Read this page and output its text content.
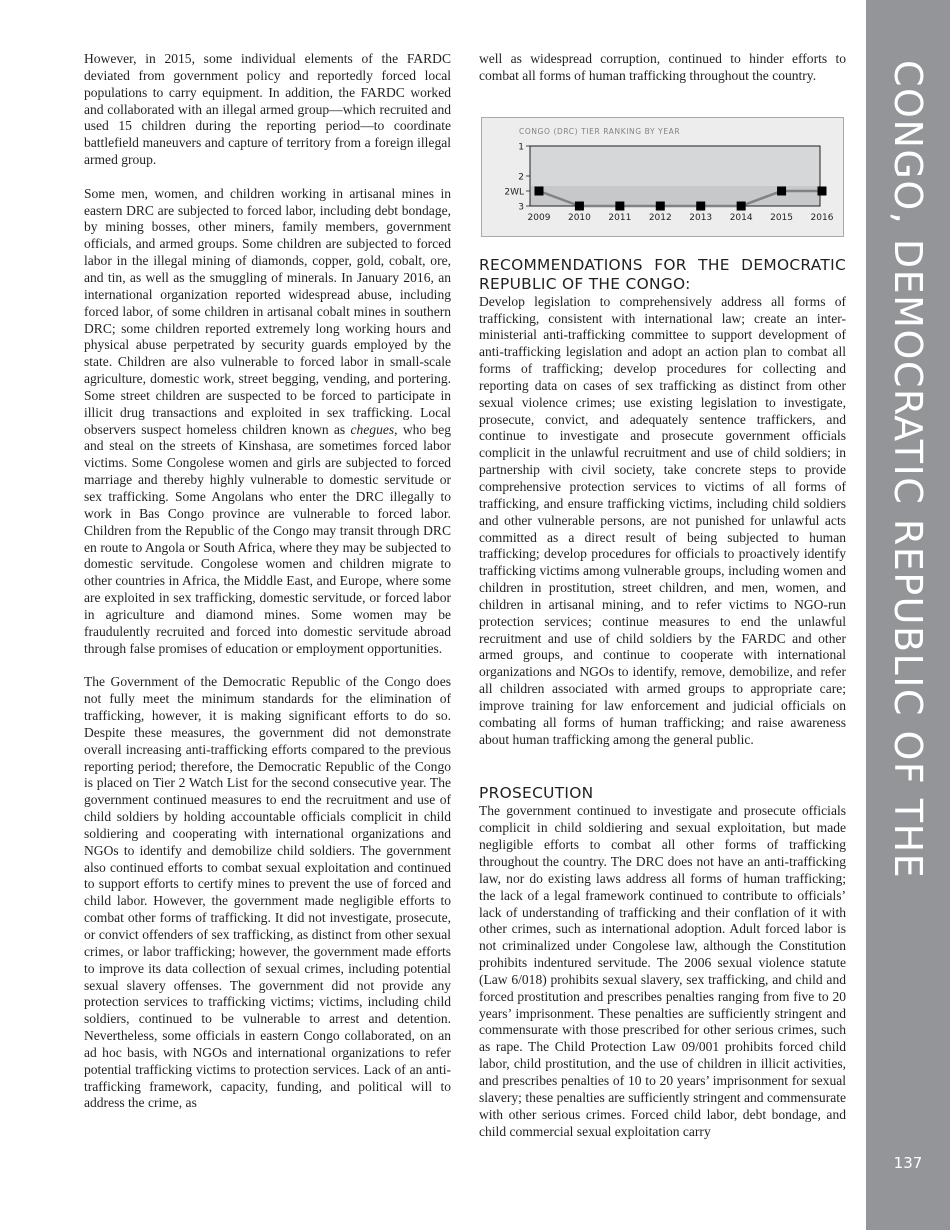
CONGO, DEMOCRATIC REPUBLIC OF THE
137

However, in 2015, some individual elements of the FARDC deviated from government policy and reportedly forced local populations to carry equipment. In addition, the FARDC worked and collaborated with an illegal armed group—which recruited and used 15 children during the reporting period—to coordinate battlefield maneuvers and capture of territory from a foreign illegal armed group.

Some men, women, and children working in artisanal mines in eastern DRC are subjected to forced labor, including debt bondage, by mining bosses, other miners, family members, government officials, and armed groups. Some children are subjected to forced labor in the illegal mining of diamonds, copper, gold, cobalt, ore, and tin, as well as the smuggling of minerals. In January 2016, an international organization reported widespread abuse, including forced labor, of some children in artisanal cobalt mines in southern DRC; some children reported extremely long working hours and physical abuse perpetrated by security guards employed by the state. Children are also vulnerable to forced labor in small-scale agriculture, domestic work, street begging, vending, and portering. Some street children are suspected to be forced to participate in illicit drug transactions and exploited in sex trafficking. Local observers suspect homeless children known as chegues, who beg and steal on the streets of Kinshasa, are sometimes forced labor victims. Some Congolese women and girls are subjected to forced marriage and thereby highly vulnerable to domestic servitude or sex trafficking. Some Angolans who enter the DRC illegally to work in Bas Congo province are vulnerable to forced labor. Children from the Republic of the Congo may transit through DRC en route to Angola or South Africa, where they may be subjected to domestic servitude. Congolese women and children migrate to other countries in Africa, the Middle East, and Europe, where some are exploited in sex trafficking, domestic servitude, or forced labor in agriculture and diamond mines. Some women may be fraudulently recruited and forced into domestic servitude abroad through false promises of education or employment opportunities.

The Government of the Democratic Republic of the Congo does not fully meet the minimum standards for the elimination of trafficking, however, it is making significant efforts to do so. Despite these measures, the government did not demonstrate overall increasing anti-trafficking efforts compared to the previous reporting period; therefore, the Democratic Republic of the Congo is placed on Tier 2 Watch List for the second consecutive year. The government continued measures to end the recruitment and use of child soldiers by holding accountable officials complicit in child soldiering and cooperating with international organizations and NGOs to identify and demobilize child soldiers. The government also continued efforts to combat sexual exploitation and continued to support efforts to certify mines to prevent the use of forced and child labor. However, the government made negligible efforts to combat other forms of trafficking. It did not investigate, prosecute, or convict offenders of sex trafficking, as distinct from other sexual crimes, or labor trafficking; however, the government made efforts to improve its data collection of sexual crimes, including potential sexual slavery offenses. The government did not provide any protection services to trafficking victims; victims, including child soldiers, continued to be vulnerable to arrest and detention. Nevertheless, some officials in eastern Congo collaborated, on an ad hoc basis, with NGOs and international organizations to refer potential trafficking victims to protection services. Lack of an anti-trafficking framework, capacity, funding, and political will to address the crime, as

well as widespread corruption, continued to hinder efforts to combat all forms of human trafficking throughout the country.

CONGO (DRC) TIER RANKING BY YEAR
1
2
2WL
3
2009 2010 2011 2012 2013 2014 2015 2016
RECOMMENDATIONS FOR THE DEMOCRATIC REPUBLIC OF THE CONGO:

Develop legislation to comprehensively address all forms of trafficking, consistent with international law; create an inter-ministerial anti-trafficking committee to support development of anti-trafficking legislation and adopt an action plan to combat all forms of trafficking; develop procedures for collecting and reporting data on cases of sex trafficking as distinct from other sexual violence crimes; use existing legislation to investigate, prosecute, convict, and adequately sentence traffickers, and continue to investigate and prosecute government officials complicit in the unlawful recruitment and use of child soldiers; in partnership with civil society, take concrete steps to provide comprehensive protection services to victims of all forms of trafficking, and ensure trafficking victims, including child soldiers and other vulnerable persons, are not punished for unlawful acts committed as a direct result of being subjected to human trafficking; develop procedures for officials to proactively identify trafficking victims among vulnerable groups, including women and children in prostitution, street children, and men, women, and children in artisanal mining, and to refer victims to NGO-run protection services; continue measures to end the unlawful recruitment and use of child soldiers by the FARDC and other armed groups, and continue to cooperate with international organizations and NGOs to identify, remove, demobilize, and refer all children associated with armed groups to appropriate care; improve training for law enforcement and judicial officials on combating all forms of human trafficking; and raise awareness about human trafficking among the general public.

PROSECUTION

The government continued to investigate and prosecute officials complicit in child soldiering and sexual exploitation, but made negligible efforts to combat all other forms of trafficking throughout the country. The DRC does not have an anti-trafficking law, nor do existing laws address all forms of human trafficking; the lack of a legal framework continued to contribute to officials’ lack of understanding of trafficking and their conflation of it with other crimes, such as international adoption. Adult forced labor is not criminalized under Congolese law, although the Constitution prohibits indentured servitude. The 2006 sexual violence statute (Law 6/018) prohibits sexual slavery, sex trafficking, and child and forced prostitution and prescribes penalties ranging from five to 20 years’ imprisonment. These penalties are sufficiently stringent and commensurate with those prescribed for other serious crimes, such as rape. The Child Protection Law 09/001 prohibits forced child labor, child prostitution, and the use of children in illicit activities, and prescribes penalties of 10 to 20 years’ imprisonment for sexual slavery; these penalties are sufficiently stringent and commensurate with other serious crimes. Forced child labor, debt bondage, and child commercial sexual exploitation carry
